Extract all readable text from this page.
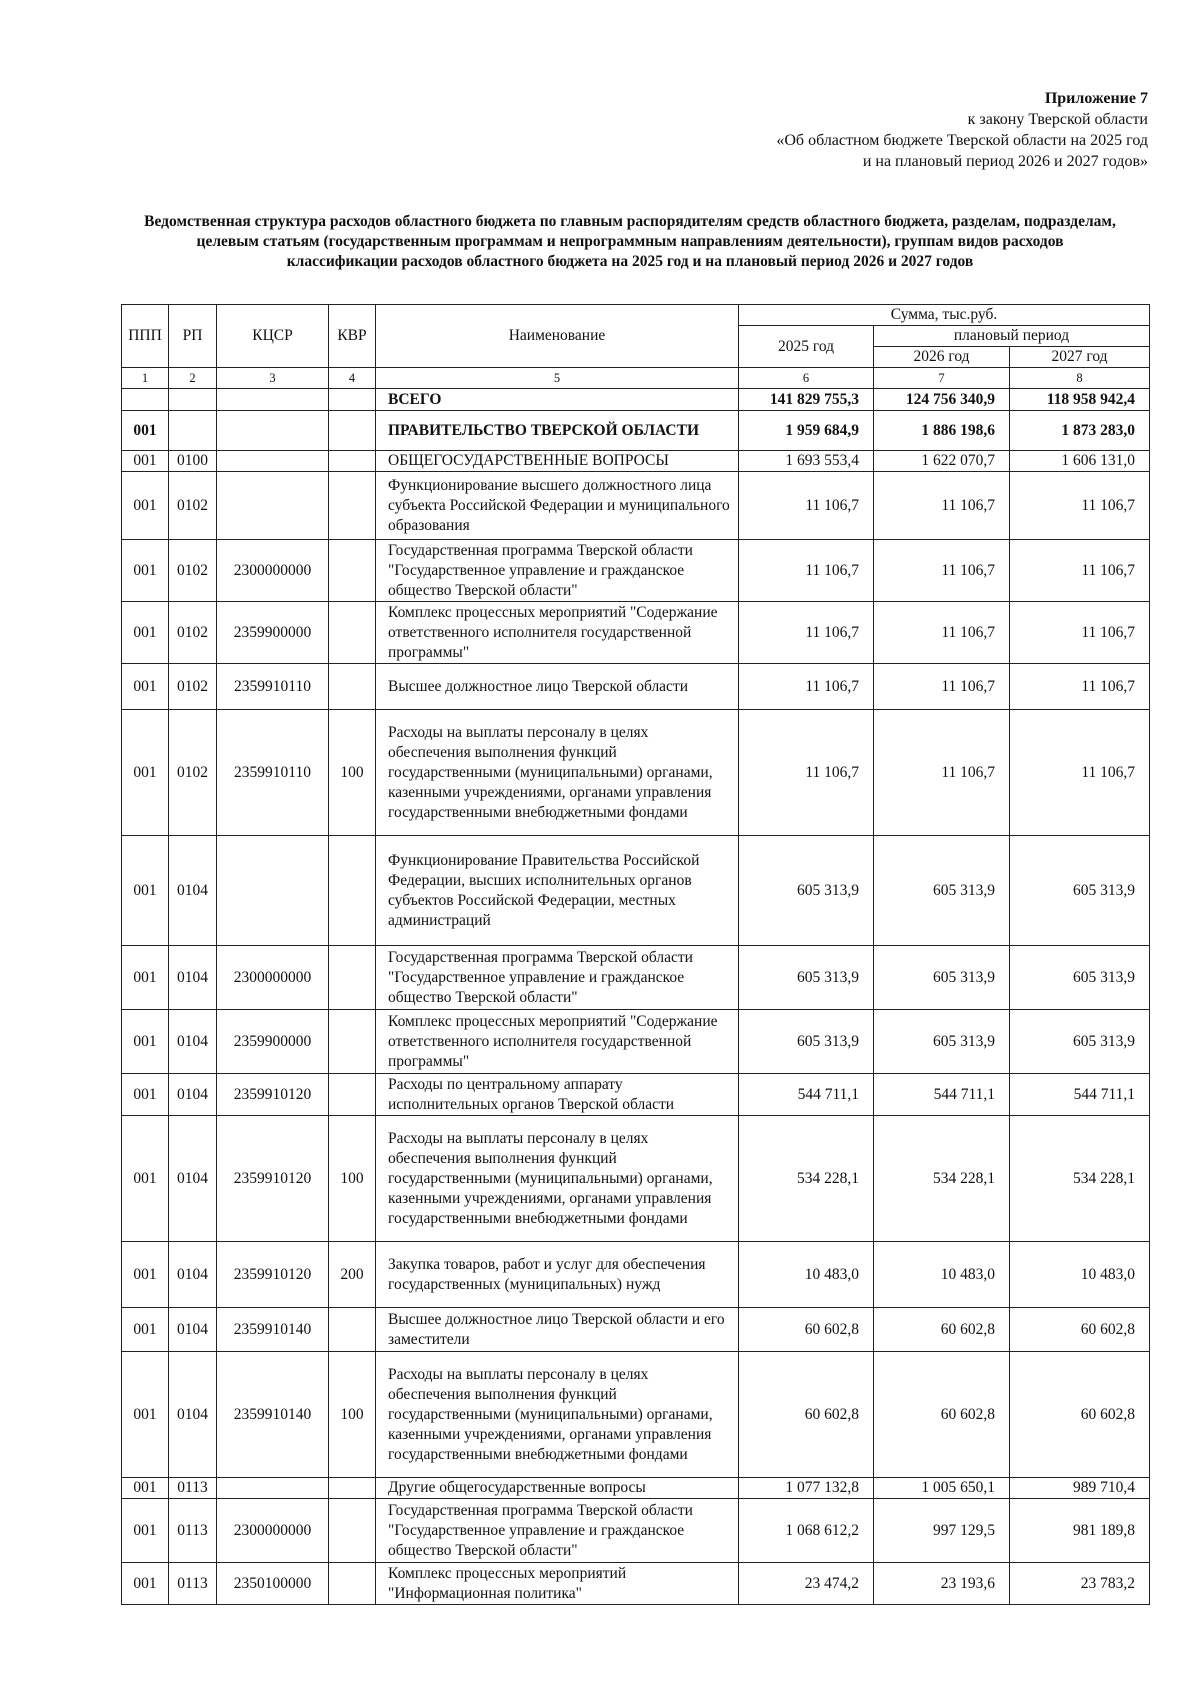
Приложение 7
к закону Тверской области
«Об областном бюджете Тверской области на 2025 год
и на плановый период 2026 и 2027 годов»
Ведомственная структура расходов областного бюджета по главным распорядителям средств областного бюджета, разделам, подразделам, целевым статьям (государственным программам и непрограммным направлениям деятельности), группам видов расходов классификации расходов областного бюджета на 2025 год и на плановый период 2026 и 2027 годов
ППП	РП	КЦСР	КВР	Наименование	Сумма, тыс.руб.		
					2025 год	плановый период	
						2026 год	2027 год
1	2	3	4	5	6	7	8
				ВСЕГО	141 829 755,3	124 756 340,9	118 958 942,4
001				ПРАВИТЕЛЬСТВО ТВЕРСКОЙ ОБЛАСТИ	1 959 684,9	1 886 198,6	1 873 283,0
001	0100			ОБЩЕГОСУДАРСТВЕННЫЕ ВОПРОСЫ	1 693 553,4	1 622 070,7	1 606 131,0
001	0102			Функционирование высшего должностного лица субъекта Российской Федерации и муниципального образования	11 106,7	11 106,7	11 106,7
001	0102	2300000000		Государственная программа Тверской области "Государственное управление и гражданское общество Тверской области"	11 106,7	11 106,7	11 106,7
001	0102	2359900000		Комплекс процессных мероприятий "Содержание ответственного исполнителя государственной программы"	11 106,7	11 106,7	11 106,7
001	0102	2359910110		Высшее должностное лицо Тверской области	11 106,7	11 106,7	11 106,7
001	0102	2359910110	100	Расходы на выплаты персоналу в целях обеспечения выполнения функций государственными (муниципальными) органами, казенными учреждениями, органами управления государственными внебюджетными фондами	11 106,7	11 106,7	11 106,7
001	0104			Функционирование Правительства Российской Федерации, высших исполнительных органов субъектов Российской Федерации, местных администраций	605 313,9	605 313,9	605 313,9
001	0104	2300000000		Государственная программа Тверской области "Государственное управление и гражданское общество Тверской области"	605 313,9	605 313,9	605 313,9
001	0104	2359900000		Комплекс процессных мероприятий "Содержание ответственного исполнителя государственной программы"	605 313,9	605 313,9	605 313,9
001	0104	2359910120		Расходы по центральному аппарату исполнительных органов Тверской области	544 711,1	544 711,1	544 711,1
001	0104	2359910120	100	Расходы на выплаты персоналу в целях обеспечения выполнения функций государственными (муниципальными) органами, казенными учреждениями, органами управления государственными внебюджетными фондами	534 228,1	534 228,1	534 228,1
001	0104	2359910120	200	Закупка товаров, работ и услуг для обеспечения государственных (муниципальных) нужд	10 483,0	10 483,0	10 483,0
001	0104	2359910140		Высшее должностное лицо Тверской области и его заместители	60 602,8	60 602,8	60 602,8
001	0104	2359910140	100	Расходы на выплаты персоналу в целях обеспечения выполнения функций государственными (муниципальными) органами, казенными учреждениями, органами управления государственными внебюджетными фондами	60 602,8	60 602,8	60 602,8
001	0113			Другие общегосударственные вопросы	1 077 132,8	1 005 650,1	989 710,4
001	0113	2300000000		Государственная программа Тверской области "Государственное управление и гражданское общество Тверской области"	1 068 612,2	997 129,5	981 189,8
001	0113	2350100000		Комплекс процессных мероприятий "Информационная политика"	23 474,2	23 193,6	23 783,2
